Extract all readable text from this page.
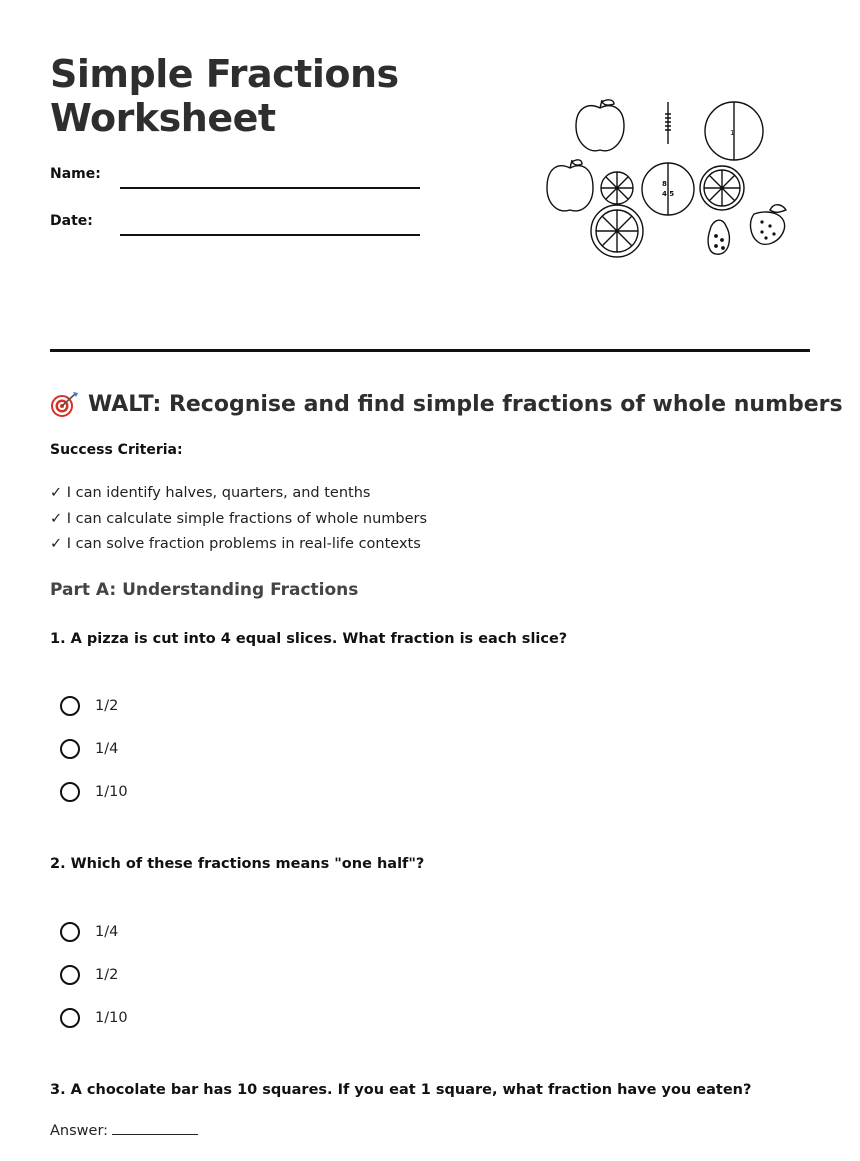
Simple Fractions
Worksheet
Name:
Date:
1
8
4 5
WALT: Recognise and find simple fractions of whole numbers
Success Criteria:
✓ I can identify halves, quarters, and tenths
✓ I can calculate simple fractions of whole numbers
✓ I can solve fraction problems in real-life contexts
Part A: Understanding Fractions
1. A pizza is cut into 4 equal slices. What fraction is each slice?
1/2
1/4
1/10
2. Which of these fractions means "one half"?
1/4
1/2
1/10
3. A chocolate bar has 10 squares. If you eat 1 square, what fraction have you eaten?
Answer:
